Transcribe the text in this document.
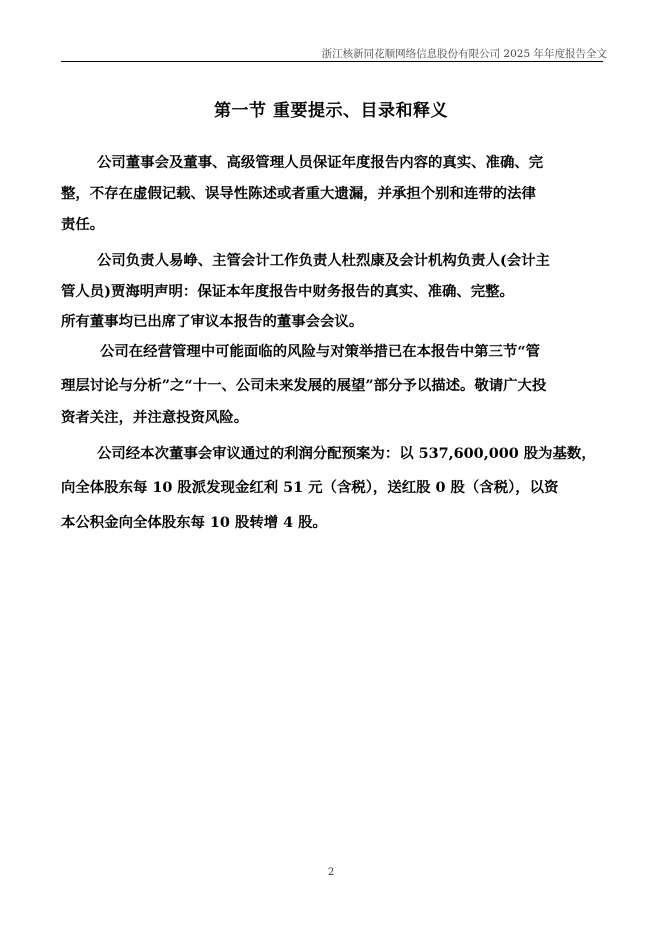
浙江核新同花顺网络信息股份有限公司 2025 年年度报告全文
第一节 重要提示、目录和释义
公司董事会及董事、高级管理人员保证年度报告内容的真实、准确、完
整，不存在虚假记载、误导性陈述或者重大遗漏，并承担个别和连带的法律
责任。
公司负责人易峥、主管会计工作负责人杜烈康及会计机构负责人(会计主
管人员)贾海明声明：保证本年度报告中财务报告的真实、准确、完整。
所有董事均已出席了审议本报告的董事会会议。
公司在经营管理中可能面临的风险与对策举措已在本报告中第三节“管
理层讨论与分析”之“十一、公司未来发展的展望”部分予以描述。敬请广大投
资者关注，并注意投资风险。
公司经本次董事会审议通过的利润分配预案为：以 537,600,000 股为基数，
向全体股东每 10 股派发现金红利 51 元（含税），送红股 0 股（含税），以资
本公积金向全体股东每 10 股转增 4 股。
2
